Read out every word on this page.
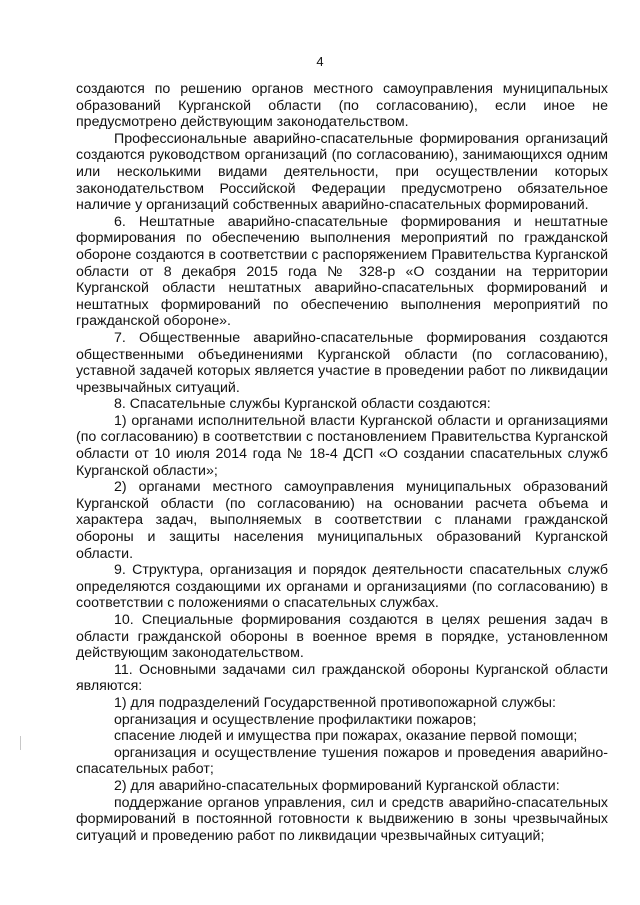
4

создаются по решению органов местного самоуправления муниципальных образований Курганской области (по согласованию), если иное не предусмотрено действующим законодательством.

Профессиональные аварийно-спасательные формирования организаций создаются руководством организаций (по согласованию), занимающихся одним или несколькими видами деятельности, при осуществлении которых законодательством Российской Федерации предусмотрено обязательное наличие у организаций собственных аварийно-спасательных формирований.

6. Нештатные аварийно-спасательные формирования и нештатные формирования по обеспечению выполнения мероприятий по гражданской обороне создаются в соответствии с распоряжением Правительства Курганской области от 8 декабря 2015 года № 328-р «О создании на территории Курганской области нештатных аварийно-спасательных формирований и нештатных формирований по обеспечению выполнения мероприятий по гражданской обороне».

7. Общественные аварийно-спасательные формирования создаются общественными объединениями Курганской области (по согласованию), уставной задачей которых является участие в проведении работ по ликвидации чрезвычайных ситуаций.

8. Спасательные службы Курганской области создаются:

1) органами исполнительной власти Курганской области и организациями (по согласованию) в соответствии с постановлением Правительства Курганской области от 10 июля 2014 года № 18-4 ДСП «О создании спасательных служб Курганской области»;

2) органами местного самоуправления муниципальных образований Курганской области (по согласованию) на основании расчета объема и характера задач, выполняемых в соответствии с планами гражданской обороны и защиты населения муниципальных образований Курганской области.

9. Структура, организация и порядок деятельности спасательных служб определяются создающими их органами и организациями (по согласованию) в соответствии с положениями о спасательных службах.

10. Специальные формирования создаются в целях решения задач в области гражданской обороны в военное время в порядке, установленном действующим законодательством.

11. Основными задачами сил гражданской обороны Курганской области являются:

1) для подразделений Государственной противопожарной службы:

организация и осуществление профилактики пожаров;

спасение людей и имущества при пожарах, оказание первой помощи;

организация и осуществление тушения пожаров и проведения аварийно-спасательных работ;

2) для аварийно-спасательных формирований Курганской области:

поддержание органов управления, сил и средств аварийно-спасательных формирований в постоянной готовности к выдвижению в зоны чрезвычайных ситуаций и проведению работ по ликвидации чрезвычайных ситуаций;
